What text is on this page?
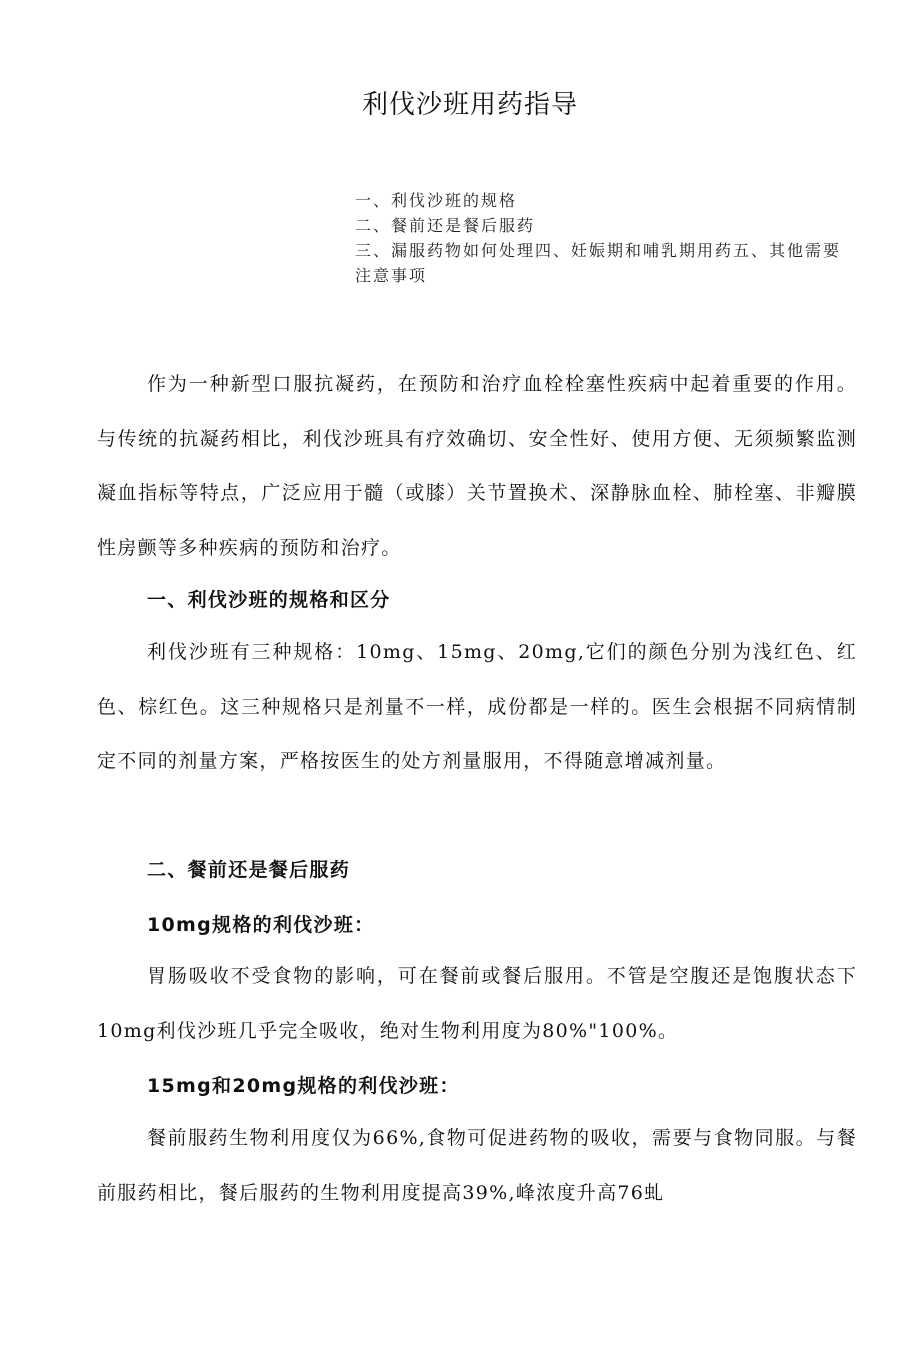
利伐沙班用药指导
一、利伐沙班的规格
二、餐前还是餐后服药
三、漏服药物如何处理四、妊娠期和哺乳期用药五、其他需要注意事项

作为一种新型口服抗凝药，在预防和治疗血栓栓塞性疾病中起着重要的作用。与传统的抗凝药相比，利伐沙班具有疗效确切、安全性好、使用方便、无须频繁监测凝血指标等特点，广泛应用于髓（或膝）关节置换术、深静脉血栓、肺栓塞、非瓣膜性房颤等多种疾病的预防和治疗。

一、利伐沙班的规格和区分

利伐沙班有三种规格：10mg、15mg、20mg,它们的颜色分别为浅红色、红色、棕红色。这三种规格只是剂量不一样，成份都是一样的。医生会根据不同病情制定不同的剂量方案，严格按医生的处方剂量服用，不得随意增减剂量。

二、餐前还是餐后服药

10mg规格的利伐沙班：

胃肠吸收不受食物的影响，可在餐前或餐后服用。不管是空腹还是饱腹状态下10mg利伐沙班几乎完全吸收，绝对生物利用度为80%"100%。

15mg和20mg规格的利伐沙班：

餐前服药生物利用度仅为66%,食物可促进药物的吸收，需要与食物同服。与餐前服药相比，餐后服药的生物利用度提高39%,峰浓度升高76虬
